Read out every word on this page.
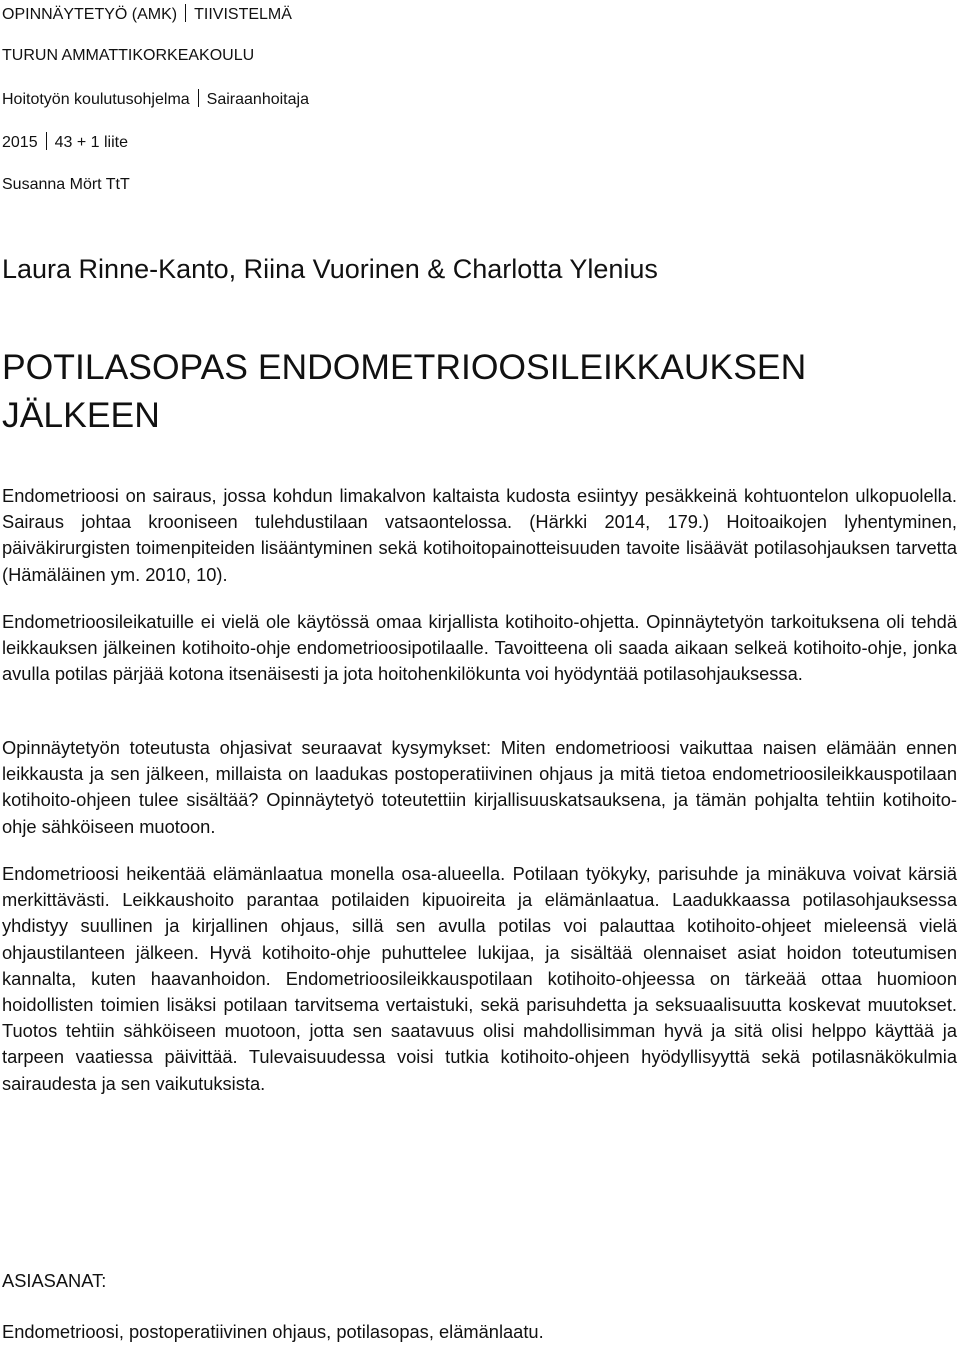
OPINNÄYTETYÖ (AMK) TIIVISTELMÄ
TURUN AMMATTIKORKEAKOULU
Hoitotyön koulutusohjelma Sairaanhoitaja
2015 43 + 1 liite
Susanna Mört TtT
Laura Rinne-Kanto, Riina Vuorinen & Charlotta Ylenius
POTILASOPAS ENDOMETRIOOSILEIKKAUKSEN
JÄLKEEN

Endometrioosi on sairaus, jossa kohdun limakalvon kaltaista kudosta esiintyy pesäkkeinä kohtuontelon ulkopuolella. Sairaus johtaa krooniseen tulehdustilaan vatsaontelossa. (Härkki 2014, 179.) Hoitoaikojen lyhentyminen, päiväkirurgisten toimenpiteiden lisääntyminen sekä kotihoitopainotteisuuden tavoite lisäävät potilasohjauksen tarvetta (Hämäläinen ym. 2010, 10).

Endometrioosileikatuille ei vielä ole käytössä omaa kirjallista kotihoito-ohjetta. Opinnäytetyön tarkoituksena oli tehdä leikkauksen jälkeinen kotihoito-ohje endometrioosipotilaalle. Tavoitteena oli saada aikaan selkeä kotihoito-ohje, jonka avulla potilas pärjää kotona itsenäisesti ja jota hoitohenkilökunta voi hyödyntää potilasohjauksessa.

Opinnäytetyön toteutusta ohjasivat seuraavat kysymykset: Miten endometrioosi vaikuttaa naisen elämään ennen leikkausta ja sen jälkeen, millaista on laadukas postoperatiivinen ohjaus ja mitä tietoa endometrioosileikkauspotilaan kotihoito-ohjeen tulee sisältää? Opinnäytetyö toteutettiin kirjallisuuskatsauksena, ja tämän pohjalta tehtiin kotihoito-ohje sähköiseen muotoon.

Endometrioosi heikentää elämänlaatua monella osa-alueella. Potilaan työkyky, parisuhde ja minäkuva voivat kärsiä merkittävästi. Leikkaushoito parantaa potilaiden kipuoireita ja elämänlaatua. Laadukkaassa potilasohjauksessa yhdistyy suullinen ja kirjallinen ohjaus, sillä sen avulla potilas voi palauttaa kotihoito-ohjeet mieleensä vielä ohjaustilanteen jälkeen. Hyvä kotihoito-ohje puhuttelee lukijaa, ja sisältää olennaiset asiat hoidon toteutumisen kannalta, kuten haavanhoidon. Endometrioosileikkauspotilaan kotihoito-ohjeessa on tärkeää ottaa huomioon hoidollisten toimien lisäksi potilaan tarvitsema vertaistuki, sekä parisuhdetta ja seksuaalisuutta koskevat muutokset. Tuotos tehtiin sähköiseen muotoon, jotta sen saatavuus olisi mahdollisimman hyvä ja sitä olisi helppo käyttää ja tarpeen vaatiessa päivittää. Tulevaisuudessa voisi tutkia kotihoito-ohjeen hyödyllisyyttä sekä potilasnäkökulmia sairaudesta ja sen vaikutuksista.

ASIASANAT:
Endometrioosi, postoperatiivinen ohjaus, potilasopas, elämänlaatu.
